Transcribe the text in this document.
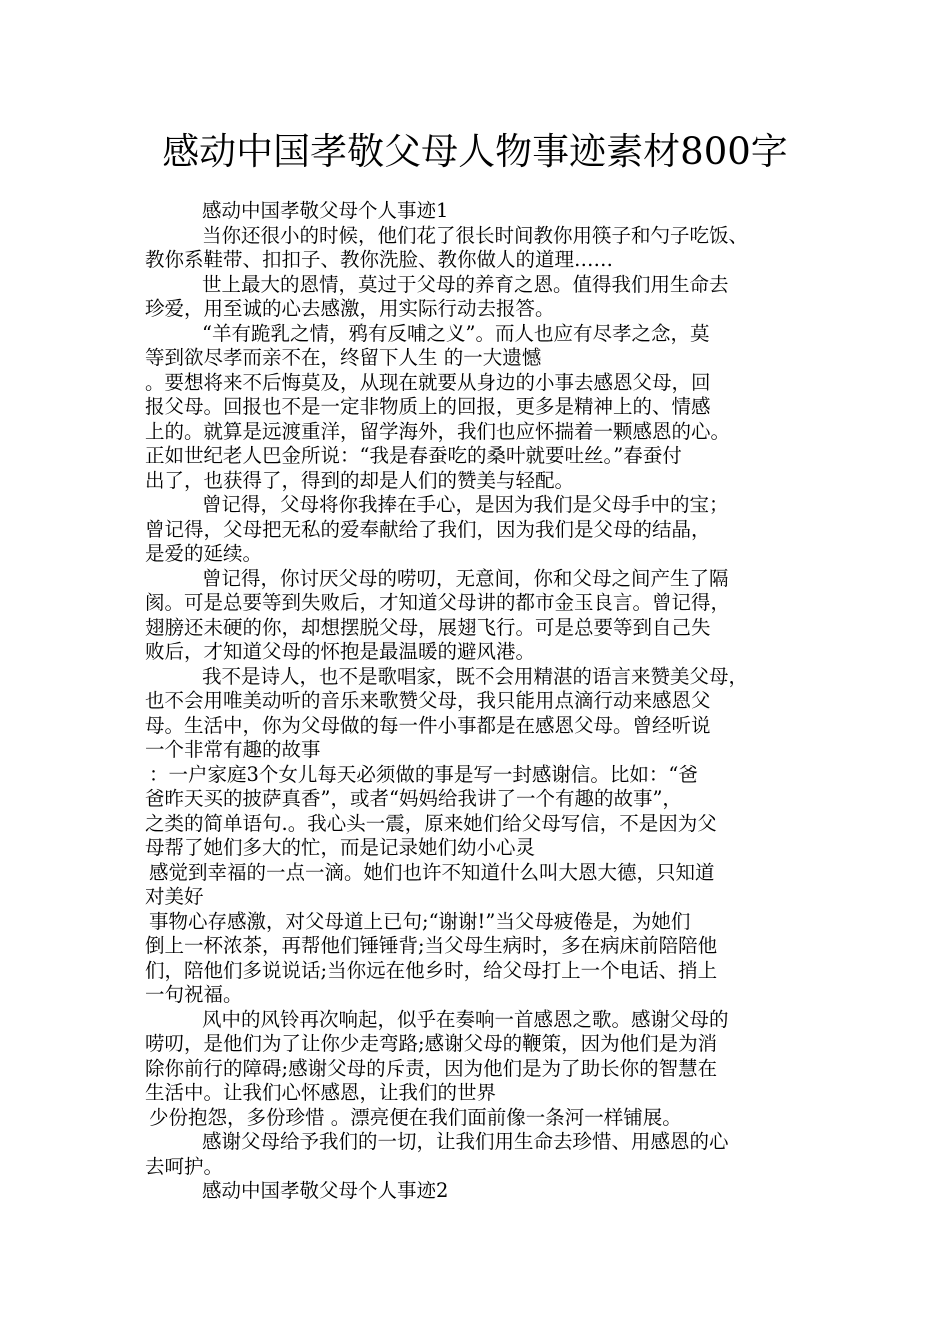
感动中国孝敬父母人物事迹素材800字
感动中国孝敬父母个人事迹1
当你还很小的时候，他们花了很长时间教你用筷子和勺子吃饭、
教你系鞋带、扣扣子、教你洗脸、教你做人的道理……
世上最大的恩情，莫过于父母的养育之恩。值得我们用生命去
珍爱，用至诚的心去感激，用实际行动去报答。
“羊有跪乳之情，鸦有反哺之义”。而人也应有尽孝之念，莫
等到欲尽孝而亲不在，终留下人生 的一大遗憾
。要想将来不后悔莫及，从现在就要从身边的小事去感恩父母，回
报父母。回报也不是一定非物质上的回报，更多是精神上的、情感
上的。就算是远渡重洋，留学海外，我们也应怀揣着一颗感恩的心。
正如世纪老人巴金所说：“我是春蚕吃的桑叶就要吐丝。”春蚕付
出了，也获得了，得到的却是人们的赞美与轻配。
曾记得，父母将你我捧在手心，是因为我们是父母手中的宝；
曾记得，父母把无私的爱奉献给了我们，因为我们是父母的结晶，
是爱的延续。
曾记得，你讨厌父母的唠叨，无意间，你和父母之间产生了隔
阂。可是总要等到失败后，才知道父母讲的都市金玉良言。曾记得，
翅膀还未硬的你，却想摆脱父母，展翅飞行。可是总要等到自己失
败后，才知道父母的怀抱是最温暖的避风港。
我不是诗人，也不是歌唱家，既不会用精湛的语言来赞美父母，
也不会用唯美动听的音乐来歌赞父母，我只能用点滴行动来感恩父
母。生活中，你为父母做的每一件小事都是在感恩父母。曾经听说
一个非常有趣的故事
：一户家庭3个女儿每天必须做的事是写一封感谢信。比如：“爸
爸昨天买的披萨真香”，或者“妈妈给我讲了一个有趣的故事”，
之类的简单语句.。我心头一震，原来她们给父母写信，不是因为父
母帮了她们多大的忙，而是记录她们幼小心灵
感觉到幸福的一点一滴。她们也许不知道什么叫大恩大德，只知道
对美好
事物心存感激，对父母道上已句;“谢谢!”当父母疲倦是，为她们
倒上一杯浓茶，再帮他们锤锤背;当父母生病时，多在病床前陪陪他
们，陪他们多说说话;当你远在他乡时，给父母打上一个电话、捎上
一句祝福。
风中的风铃再次响起，似乎在奏响一首感恩之歌。感谢父母的
唠叨，是他们为了让你少走弯路;感谢父母的鞭策，因为他们是为消
除你前行的障碍;感谢父母的斥责，因为他们是为了助长你的智慧在
生活中。让我们心怀感恩，让我们的世界
少份抱怨，多份珍惜 。漂亮便在我们面前像一条河一样铺展。
感谢父母给予我们的一切，让我们用生命去珍惜、用感恩的心
去呵护。
感动中国孝敬父母个人事迹2
